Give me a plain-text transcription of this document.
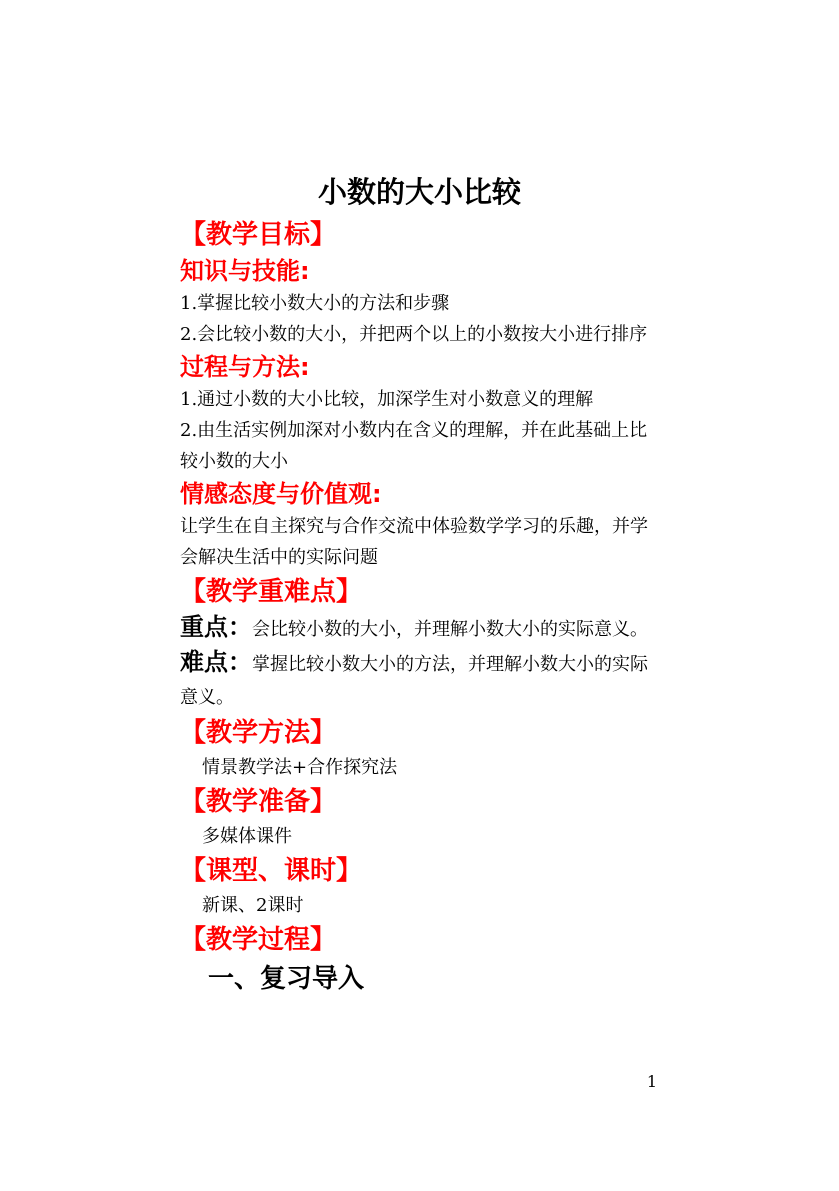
小数的大小比较
【教学目标】
知识与技能:

1.掌握比较小数大小的方法和步骤

2.会比较小数的大小，并把两个以上的小数按大小进行排序

过程与方法:

1.通过小数的大小比较，加深学生对小数意义的理解

2.由生活实例加深对小数内在含义的理解，并在此基础上比较小数的大小

情感态度与价值观:

让学生在自主探究与合作交流中体验数学学习的乐趣，并学会解决生活中的实际问题

【教学重难点】

重点：会比较小数的大小，并理解小数大小的实际意义。

难点：掌握比较小数大小的方法，并理解小数大小的实际意义。

【教学方法】

情景教学法+合作探究法

【教学准备】

多媒体课件

【课型、课时】

新课、2课时

【教学过程】
一、复习导入
1
